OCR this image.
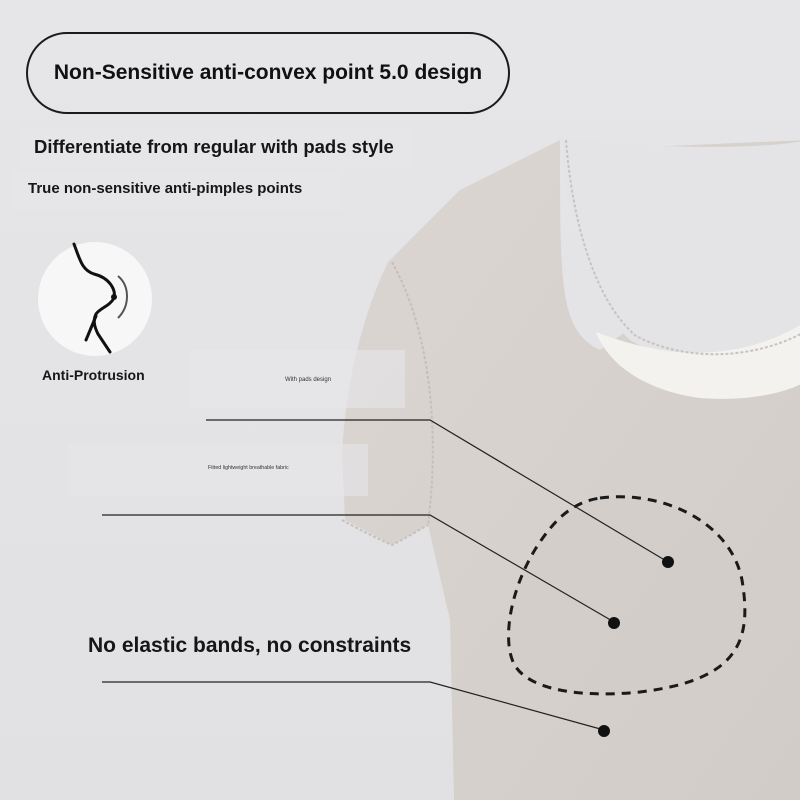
Non-Sensitive anti-convex point 5.0 design
Differentiate from regular with pads style
True non-sensitive anti-pimples points
Anti-Protrusion	With pads design
Fitted lightweight breathable fabric
No elastic bands, no constraints
